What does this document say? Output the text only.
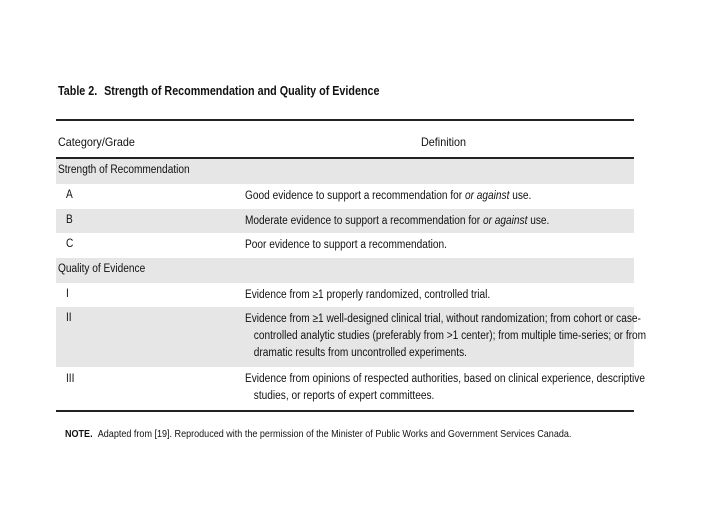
Table 2. Strength of Recommendation and Quality of Evidence
Category/Grade	Definition
Strength of Recommendation
A	Good evidence to support a recommendation for or against use.
B	Moderate evidence to support a recommendation for or against use.
C	Poor evidence to support a recommendation.
Quality of Evidence
I	Evidence from ≥1 properly randomized, controlled trial.
II	Evidence from ≥1 well-designed clinical trial, without randomization; from cohort or case-
controlled analytic studies (preferably from >1 center); from multiple time-series; or from
dramatic results from uncontrolled experiments.
III	Evidence from opinions of respected authorities, based on clinical experience, descriptive
studies, or reports of expert committees.
NOTE. Adapted from [19]. Reproduced with the permission of the Minister of Public Works and Government Services Canada.
